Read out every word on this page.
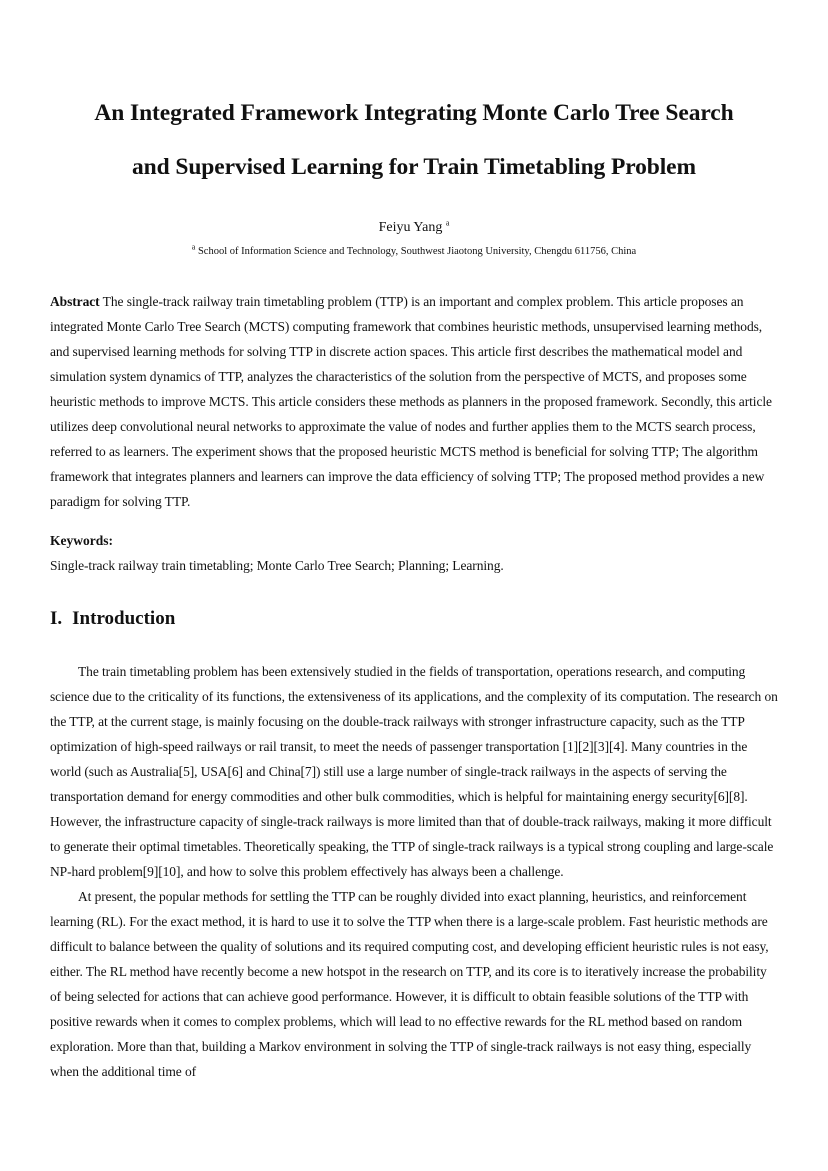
An Integrated Framework Integrating Monte Carlo Tree Search
and Supervised Learning for Train Timetabling Problem
Feiyu Yang $^a$
$^a$ School of Information Science and Technology, Southwest Jiaotong University, Chengdu 611756, China
Abstract The single-track railway train timetabling problem (TTP) is an important and complex problem. This article proposes an integrated Monte Carlo Tree Search (MCTS) computing framework that combines heuristic methods, unsupervised learning methods, and supervised learning methods for solving TTP in discrete action spaces. This article first describes the mathematical model and simulation system dynamics of TTP, analyzes the characteristics of the solution from the perspective of MCTS, and proposes some heuristic methods to improve MCTS. This article considers these methods as planners in the proposed framework. Secondly, this article utilizes deep convolutional neural networks to approximate the value of nodes and further applies them to the MCTS search process, referred to as learners. The experiment shows that the proposed heuristic MCTS method is beneficial for solving TTP; The algorithm framework that integrates planners and learners can improve the data efficiency of solving TTP; The proposed method provides a new paradigm for solving TTP.
Keywords:
Single-track railway train timetabling; Monte Carlo Tree Search; Planning; Learning.
I. Introduction

The train timetabling problem has been extensively studied in the fields of transportation, operations research, and computing science due to the criticality of its functions, the extensiveness of its applications, and the complexity of its computation. The research on the TTP, at the current stage, is mainly focusing on the double-track railways with stronger infrastructure capacity, such as the TTP optimization of high-speed railways or rail transit, to meet the needs of passenger transportation [1][2][3][4]. Many countries in the world (such as Australia[5], USA[6] and China[7]) still use a large number of single-track railways in the aspects of serving the transportation demand for energy commodities and other bulk commodities, which is helpful for maintaining energy security[6][8]. However, the infrastructure capacity of single-track railways is more limited than that of double-track railways, making it more difficult to generate their optimal timetables. Theoretically speaking, the TTP of single-track railways is a typical strong coupling and large-scale NP-hard problem[9][10], and how to solve this problem effectively has always been a challenge.

At present, the popular methods for settling the TTP can be roughly divided into exact planning, heuristics, and reinforcement learning (RL). For the exact method, it is hard to use it to solve the TTP when there is a large-scale problem. Fast heuristic methods are difficult to balance between the quality of solutions and its required computing cost, and developing efficient heuristic rules is not easy, either. The RL method have recently become a new hotspot in the research on TTP, and its core is to iteratively increase the probability of being selected for actions that can achieve good performance. However, it is difficult to obtain feasible solutions of the TTP with positive rewards when it comes to complex problems, which will lead to no effective rewards for the RL method based on random exploration. More than that, building a Markov environment in solving the TTP of single-track railways is not easy thing, especially when the additional time of
